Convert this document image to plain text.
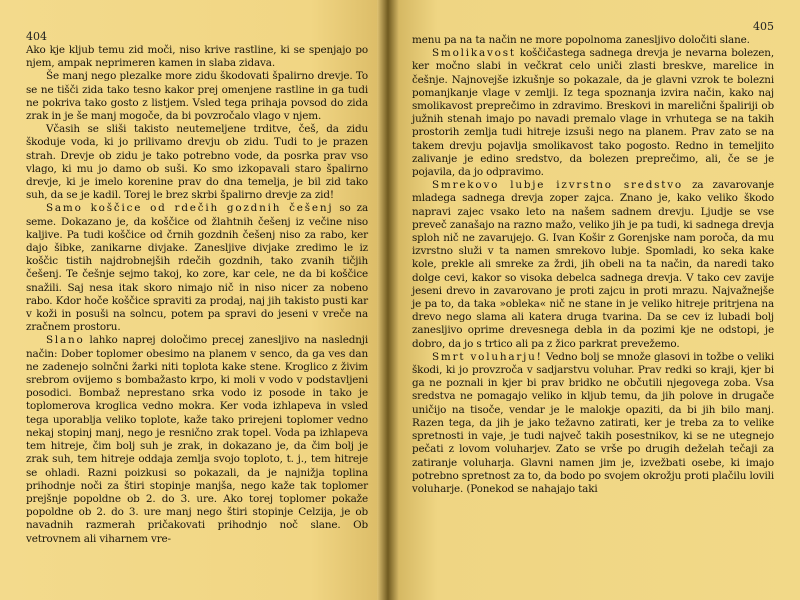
404

Ako kje kljub temu zid moči, niso krive rastline, ki se spenjajo po njem, ampak neprimeren kamen in slaba zidava.

Še manj nego plezalke more zidu škodovati špalirno drevje. To se ne tišči zida tako tesno kakor prej omenjene rastline in ga tudi ne pokriva tako gosto z listjem. Vsled tega prihaja povsod do zida zrak in je še manj mogoče, da bi povzročalo vlago v njem.

Včasih se sliši takisto neutemeljene trditve, češ, da zidu škoduje voda, ki jo prilivamo drevju ob zidu. Tudi to je prazen strah. Drevje ob zidu je tako potrebno vode, da posrka prav vso vlago, ki mu jo damo ob suši. Ko smo izkopavali staro špalirno drevje, ki je imelo korenine prav do dna temelja, je bil zid tako suh, da se je kadil. Torej le brez skrbi špalirno drevje za zid!

Samo koščice od rdečih gozdnih češenj so za seme. Dokazano je, da koščice od žlahtnih češenj iz večine niso kaljive. Pa tudi koščice od črnih gozdnih češenj niso za rabo, ker dajo šibke, zanikarne divjake. Zanesljive divjake zredimo le iz koščic tistih najdrobnejših rdečih gozdnih, tako zvanih tičjih češenj. Te češnje sejmo takoj, ko zore, kar cele, ne da bi koščice snažili. Saj nesa itak skoro nimajo nič in niso nicer za nobeno rabo. Kdor hoče koščice spraviti za prodaj, naj jih takisto pusti kar v koži in posuši na solncu, potem pa spravi do jeseni v vreče na zračnem prostoru.

Slano lahko naprej določimo precej zanesljivo na naslednji način: Dober toplomer obesimo na planem v senco, da ga ves dan ne zadenejo solnčni žarki niti toplota kake stene. Kroglico z živim srebrom ovijemo s bombažasto krpo, ki moli v vodo v podstavljeni posodici. Bombaž neprestano srka vodo iz posode in tako je toplomerova kroglica vedno mokra. Ker voda izhlapeva in vsled tega uporablja veliko toplote, kaže tako prirejeni toplomer vedno nekaj stopinj manj, nego je resnično zrak topel. Voda pa izhlapeva tem hitreje, čim bolj suh je zrak, in dokazano je, da čim bolj je zrak suh, tem hitreje oddaja zemlja svojo toploto, t. j., tem hitreje se ohladi. Razni poizkusi so pokazali, da je najnižja toplina prihodnje noči za štiri stopinje manjša, nego kaže tak toplomer prejšnje popoldne ob 2. do 3. ure. Ako torej toplomer pokaže popoldne ob 2. do 3. ure manj nego štiri stopinje Celzija, je ob navadnih razmerah pričakovati prihodnjo noč slane. Ob vetrovnem ali viharnem vre-

405

menu pa na ta način ne more popolnoma zanesljivo določiti slane.

Smolikavost koščičastega sadnega drevja je nevarna bolezen, ker močno slabi in večkrat celo uniči zlasti breskve, marelice in češnje. Najnovejše izkušnje so pokazale, da je glavni vzrok te bolezni pomanjkanje vlage v zemlji. Iz tega spoznanja izvira način, kako naj smolikavost preprečimo in zdravimo. Breskovi in marelični špaliriji ob južnih stenah imajo po navadi premalo vlage in vrhutega se na takih prostorih zemlja tudi hitreje izsuši nego na planem. Prav zato se na takem drevju pojavlja smolikavost tako pogosto. Redno in temeljito zalivanje je edino sredstvo, da bolezen preprečimo, ali, če se je pojavila, da jo odpravimo.

Smrekovo lubje izvrstno sredstvo za zavarovanje mladega sadnega drevja zoper zajca. Znano je, kako veliko škodo napravi zajec vsako leto na našem sadnem drevju. Ljudje se vse preveč zanašajo na razno mažo, veliko jih je pa tudi, ki sadnega drevja sploh nič ne zavarujejo. G. Ivan Košir z Gorenjske nam poroča, da mu izvrstno služi v ta namen smrekovo lubje. Spomladi, ko seka kake kole, prekle ali smreke za žrdi, jih obeli na ta način, da naredi tako dolge cevi, kakor so visoka debelca sadnega drevja. V tako cev zavije jeseni drevo in zavarovano je proti zajcu in proti mrazu. Najvažnejše je pa to, da taka »obleka« nič ne stane in je veliko hitreje pritrjena na drevo nego slama ali katera druga tvarina. Da se cev iz lubadi bolj zanesljivo oprime drevesnega debla in da pozimi kje ne odstopi, je dobro, da jo s trtico ali pa z žico parkrat prevežemo.

Smrt voluharju! Vedno bolj se množe glasovi in tožbe o veliki škodi, ki jo provzroča v sadjarstvu voluhar. Prav redki so kraji, kjer bi ga ne poznali in kjer bi prav bridko ne občutili njegovega zoba. Vsa sredstva ne pomagajo veliko in kljub temu, da jih polove in drugače uničijo na tisoče, vendar je le malokje opaziti, da bi jih bilo manj. Razen tega, da jih je jako težavno zatirati, ker je treba za to velike spretnosti in vaje, je tudi največ takih posestnikov, ki se ne utegnejo pečati z lovom voluharjev. Zato se vrše po drugih deželah tečaji za zatiranje voluharja. Glavni namen jim je, izvežbati osebe, ki imajo potrebno spretnost za to, da bodo po svojem okrožju proti plačilu lovili voluharje. (Ponekod se nahajajo taki
